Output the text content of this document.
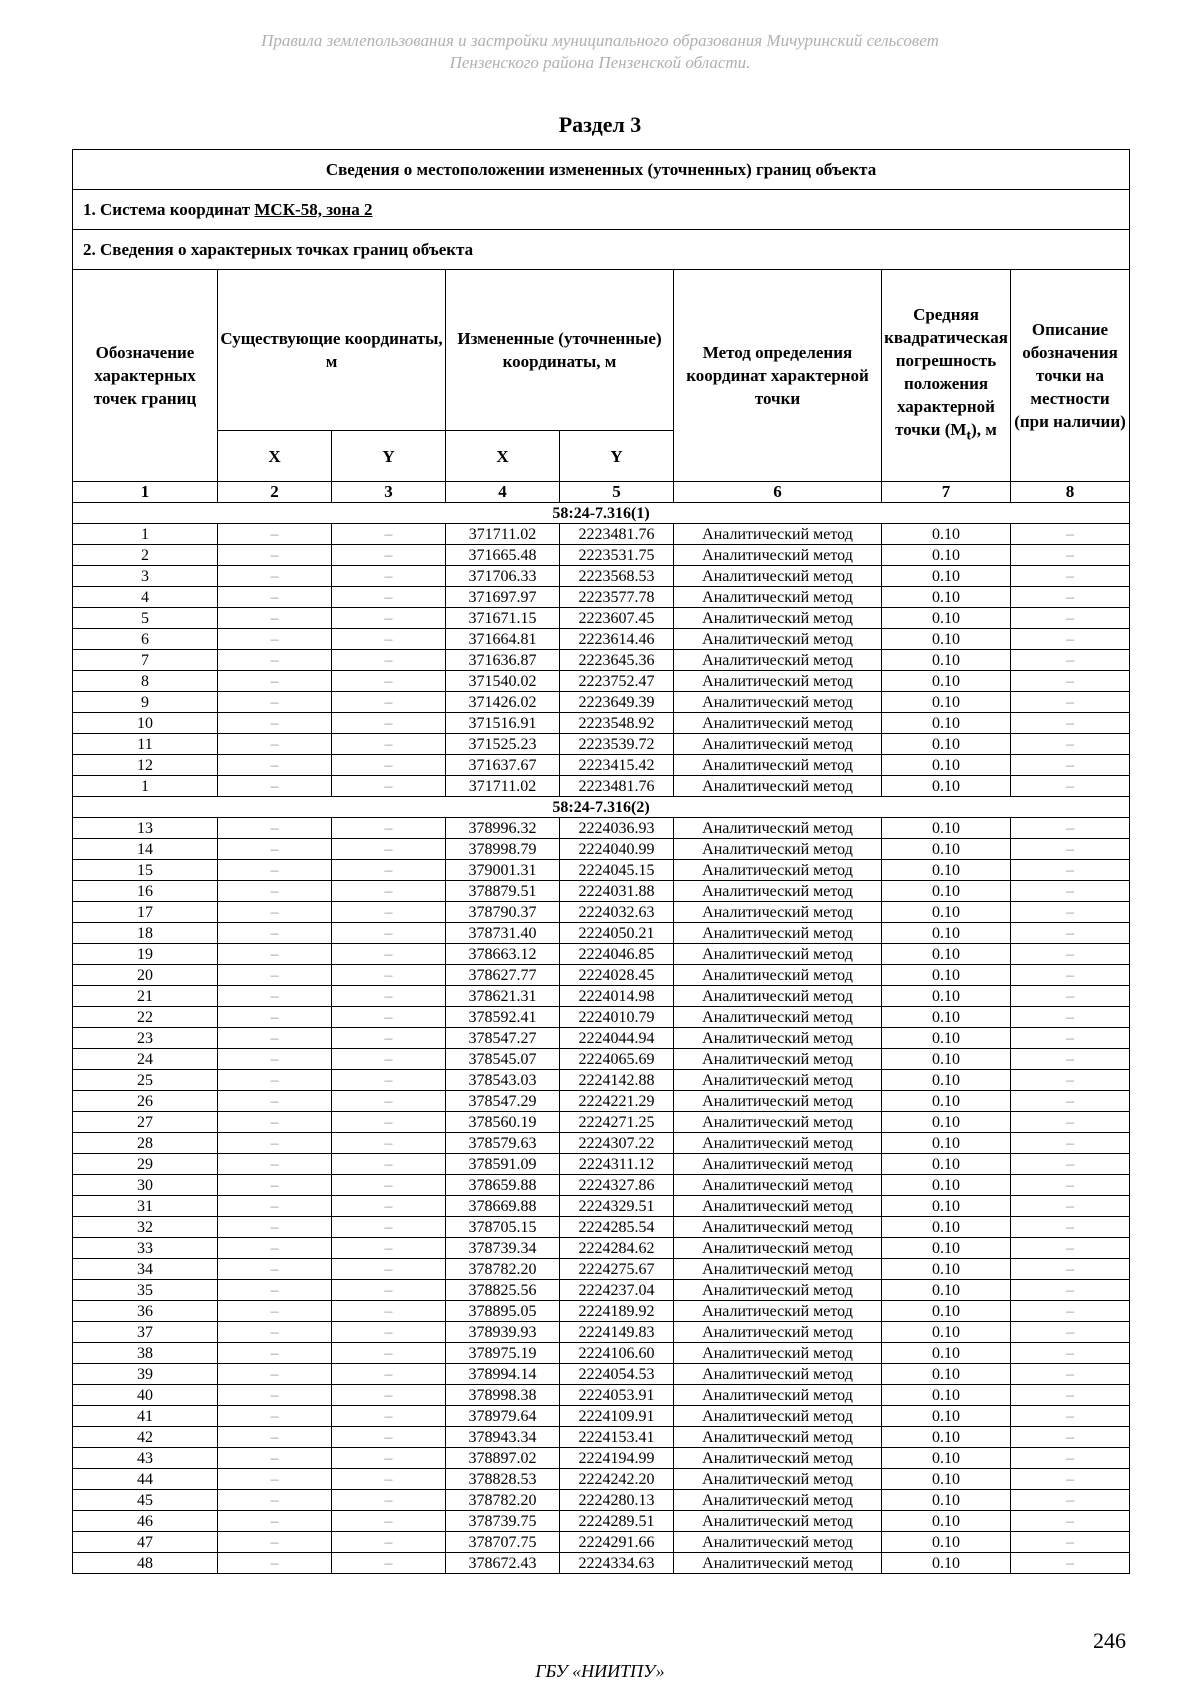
Правила землепользования и застройки муниципального образования Мичуринский сельсовет
Пензенского района Пензенской области.
Раздел 3
Сведения о местоположении измененных (уточненных) границ объекта							
1. Система координат МСК-58, зона 2							
2. Сведения о характерных точках границ объекта							
Обозначение характерных точек границ	Существующие координаты, м		Измененные (уточненные) координаты, м		Метод определения координат характерной точки	Средняя квадратическая погрешность положения характерной точки $(M_t)$, м	Описание обозначения точки на местности (при наличии)
	X	Y	X	Y			
1	2	3	4	5	6	7	8
58:24-7.316(1)							
1	–	–	371711.02	2223481.76	Аналитический метод	0.10	–
2	–	–	371665.48	2223531.75	Аналитический метод	0.10	–
3	–	–	371706.33	2223568.53	Аналитический метод	0.10	–
4	–	–	371697.97	2223577.78	Аналитический метод	0.10	–
5	–	–	371671.15	2223607.45	Аналитический метод	0.10	–
6	–	–	371664.81	2223614.46	Аналитический метод	0.10	–
7	–	–	371636.87	2223645.36	Аналитический метод	0.10	–
8	–	–	371540.02	2223752.47	Аналитический метод	0.10	–
9	–	–	371426.02	2223649.39	Аналитический метод	0.10	–
10	–	–	371516.91	2223548.92	Аналитический метод	0.10	–
11	–	–	371525.23	2223539.72	Аналитический метод	0.10	–
12	–	–	371637.67	2223415.42	Аналитический метод	0.10	–
1	–	–	371711.02	2223481.76	Аналитический метод	0.10	–
58:24-7.316(2)							
13	–	–	378996.32	2224036.93	Аналитический метод	0.10	–
14	–	–	378998.79	2224040.99	Аналитический метод	0.10	–
15	–	–	379001.31	2224045.15	Аналитический метод	0.10	–
16	–	–	378879.51	2224031.88	Аналитический метод	0.10	–
17	–	–	378790.37	2224032.63	Аналитический метод	0.10	–
18	–	–	378731.40	2224050.21	Аналитический метод	0.10	–
19	–	–	378663.12	2224046.85	Аналитический метод	0.10	–
20	–	–	378627.77	2224028.45	Аналитический метод	0.10	–
21	–	–	378621.31	2224014.98	Аналитический метод	0.10	–
22	–	–	378592.41	2224010.79	Аналитический метод	0.10	–
23	–	–	378547.27	2224044.94	Аналитический метод	0.10	–
24	–	–	378545.07	2224065.69	Аналитический метод	0.10	–
25	–	–	378543.03	2224142.88	Аналитический метод	0.10	–
26	–	–	378547.29	2224221.29	Аналитический метод	0.10	–
27	–	–	378560.19	2224271.25	Аналитический метод	0.10	–
28	–	–	378579.63	2224307.22	Аналитический метод	0.10	–
29	–	–	378591.09	2224311.12	Аналитический метод	0.10	–
30	–	–	378659.88	2224327.86	Аналитический метод	0.10	–
31	–	–	378669.88	2224329.51	Аналитический метод	0.10	–
32	–	–	378705.15	2224285.54	Аналитический метод	0.10	–
33	–	–	378739.34	2224284.62	Аналитический метод	0.10	–
34	–	–	378782.20	2224275.67	Аналитический метод	0.10	–
35	–	–	378825.56	2224237.04	Аналитический метод	0.10	–
36	–	–	378895.05	2224189.92	Аналитический метод	0.10	–
37	–	–	378939.93	2224149.83	Аналитический метод	0.10	–
38	–	–	378975.19	2224106.60	Аналитический метод	0.10	–
39	–	–	378994.14	2224054.53	Аналитический метод	0.10	–
40	–	–	378998.38	2224053.91	Аналитический метод	0.10	–
41	–	–	378979.64	2224109.91	Аналитический метод	0.10	–
42	–	–	378943.34	2224153.41	Аналитический метод	0.10	–
43	–	–	378897.02	2224194.99	Аналитический метод	0.10	–
44	–	–	378828.53	2224242.20	Аналитический метод	0.10	–
45	–	–	378782.20	2224280.13	Аналитический метод	0.10	–
46	–	–	378739.75	2224289.51	Аналитический метод	0.10	–
47	–	–	378707.75	2224291.66	Аналитический метод	0.10	–
48	–	–	378672.43	2224334.63	Аналитический метод	0.10	–
246
ГБУ «НИИТПУ»
